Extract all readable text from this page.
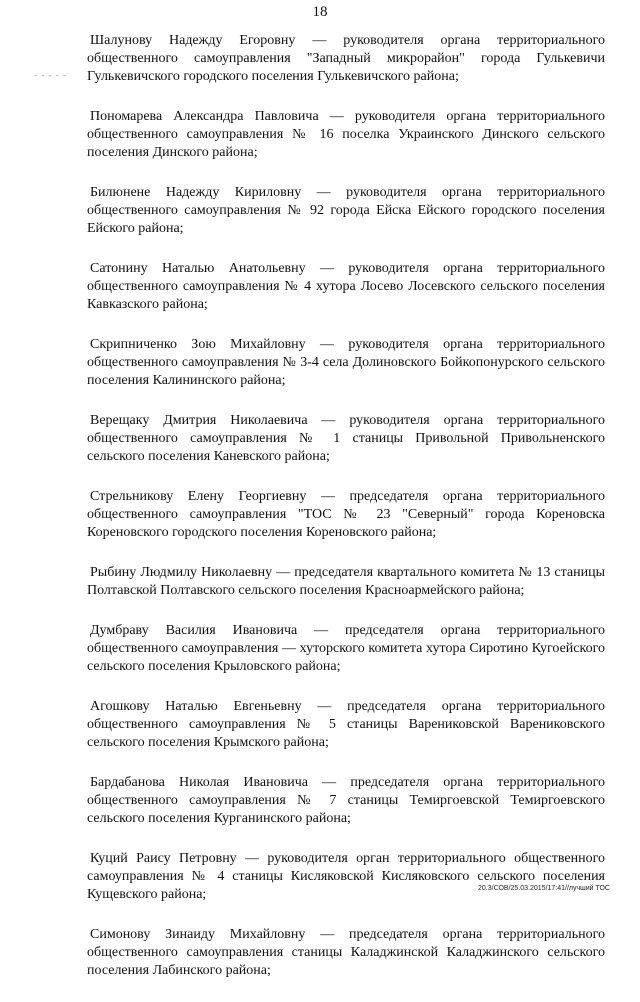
18
- - - - -

Шалунову Надежду Егоровну — руководителя органа территориального общественного самоуправления "Западный микрорайон" города Гулькевичи Гулькевичского городского поселения Гулькевичского района;

Пономарева Александра Павловича — руководителя органа территориального общественного самоуправления № 16 поселка Украинского Динского сельского поселения Динского района;

Билюнене Надежду Кириловну — руководителя органа территориального общественного самоуправления № 92 города Ейска Ейского городского поселения Ейского района;

Сатонину Наталью Анатольевну — руководителя органа территориального общественного самоуправления № 4 хутора Лосево Лосевского сельского поселения Кавказского района;

Скрипниченко Зою Михайловну — руководителя органа территориального общественного самоуправления № 3-4 села Долиновского Бойкопонурского сельского поселения Калининского района;

Верещаку Дмитрия Николаевича — руководителя органа территориального общественного самоуправления № 1 станицы Привольной Привольненского сельского поселения Каневского района;

Стрельникову Елену Георгиевну — председателя органа территориального общественного самоуправления "ТОС № 23 "Северный" города Кореновска Кореновского городского поселения Кореновского района;

Рыбину Людмилу Николаевну — председателя квартального комитета № 13 станицы Полтавской Полтавского сельского поселения Красноармейского района;

Думбраву Василия Ивановича — председателя органа территориального общественного самоуправления — хуторского комитета хутора Сиротино Кугоейского сельского поселения Крыловского района;

Агошкову Наталью Евгеньевну — председателя органа территориального общественного самоуправления № 5 станицы Варениковской Варениковского сельского поселения Крымского района;

Бардабанова Николая Ивановича — председателя органа территориального общественного самоуправления № 7 станицы Темиргоевской Темиргоевского сельского поселения Курганинского района;

Куций Раису Петровну — руководителя орган территориального общественного самоуправления № 4 станицы Кисляковской Кисляковского сельского поселения Кущевского района;

Симонову Зинаиду Михайловну — председателя органа территориального общественного самоуправления станицы Каладжинской Каладжинского сельского поселения Лабинского района;

20.3/СОВ/25.03.2015/17:41//лучший ТОС
